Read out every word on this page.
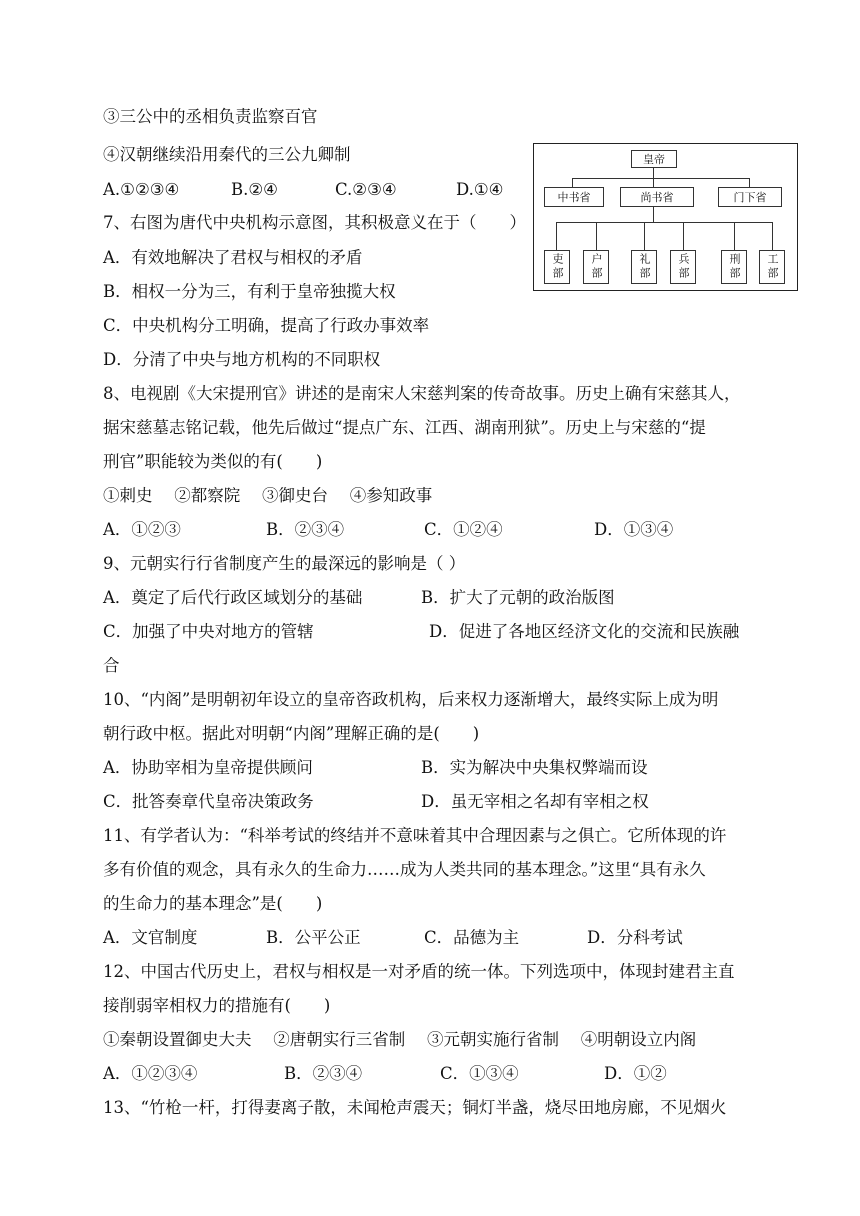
③三公中的丞相负责监察百官
④汉朝继续沿用秦代的三公九卿制
A.①②③④	B.②④	C.②③④	D.①④
7、右图为唐代中央机构示意图，其积极意义在于（　　）
A．有效地解决了君权与相权的矛盾
B．相权一分为三，有利于皇帝独揽大权
C．中央机构分工明确，提高了行政办事效率
D．分清了中央与地方机构的不同职权
8、电视剧《大宋提刑官》讲述的是南宋人宋慈判案的传奇故事。历史上确有宋慈其人，
据宋慈墓志铭记载，他先后做过“提点广东、江西、湖南刑狱”。历史上与宋慈的“提
刑官”职能较为类似的有(　　)
①刺史　 ②都察院　 ③御史台　 ④参知政事
A．①②③	B．②③④	C．①②④	D．①③④
9、元朝实行行省制度产生的最深远的影响是（ ）
A．奠定了后代行政区域划分的基础	B．扩大了元朝的政治版图
C．加强了中央对地方的管辖	D．促进了各地区经济文化的交流和民族融
合
10、“内阁”是明朝初年设立的皇帝咨政机构，后来权力逐渐增大，最终实际上成为明
朝行政中枢。据此对明朝“内阁”理解正确的是(　　)
A．协助宰相为皇帝提供顾问	B．实为解决中央集权弊端而设
C．批答奏章代皇帝决策政务	D．虽无宰相之名却有宰相之权
11、有学者认为：“科举考试的终结并不意味着其中合理因素与之俱亡。它所体现的许
多有价值的观念，具有永久的生命力……成为人类共同的基本理念。”这里“具有永久
的生命力的基本理念”是(　　)
A．文官制度	B．公平公正	C．品德为主	D．分科考试
12、中国古代历史上，君权与相权是一对矛盾的统一体。下列选项中，体现封建君主直
接削弱宰相权力的措施有(　　)
①秦朝设置御史大夫　 ②唐朝实行三省制　 ③元朝实施行省制　 ④明朝设立内阁
A．①②③④	B．②③④	C．①③④	D．①②
13、“竹枪一杆，打得妻离子散，未闻枪声震天；铜灯半盏，烧尽田地房廊，不见烟火
皇帝
中书省	尚书省	门下省
吏部	户部	礼部	兵部	刑部	工部
